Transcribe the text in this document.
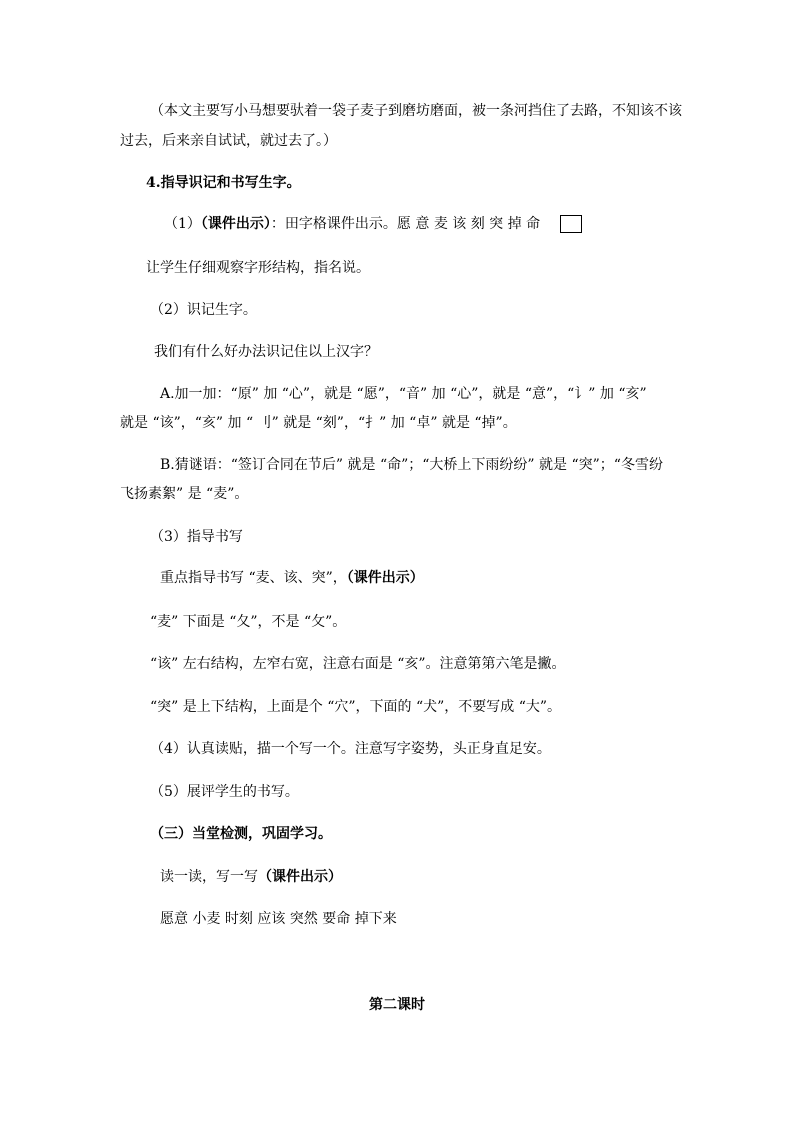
（本文主要写小马想要驮着一袋子麦子到磨坊磨面，被一条河挡住了去路，不知该不该
过去，后来亲自试试，就过去了。）
4.指导识记和书写生字。
（1）（课件出示）：田字格课件出示。愿 意 麦 该 刻 突 掉 命
让学生仔细观察字形结构，指名说。
（2）识记生字。
我们有什么好办法识记住以上汉字？
A.加一加：“原” 加 “心”，就是 “愿”，“音” 加 “心”，就是 “意”，“讠” 加 “亥”
就是 “该”，“亥” 加 “ 刂” 就是 “刻”，“扌” 加 “卓” 就是 “掉”。
B.猜谜语：“签订合同在节后” 就是 “命”；“大桥上下雨纷纷” 就是 “突”；“冬雪纷
飞扬素絮” 是 “麦”。
（3）指导书写
重点指导书写 “麦、该、突”，（课件出示）
“麦” 下面是 “夂”，不是 “攵”。
“该” 左右结构，左窄右宽，注意右面是 “亥”。注意第第六笔是撇。
“突” 是上下结构，上面是个 “穴”，下面的 “犬”，不要写成 “大”。
（4）认真读贴，描一个写一个。注意写字姿势，头正身直足安。
（5）展评学生的书写。
（三）当堂检测，巩固学习。
读一读，写一写（课件出示）
愿意 小麦 时刻 应该 突然 要命 掉下来
第二课时
